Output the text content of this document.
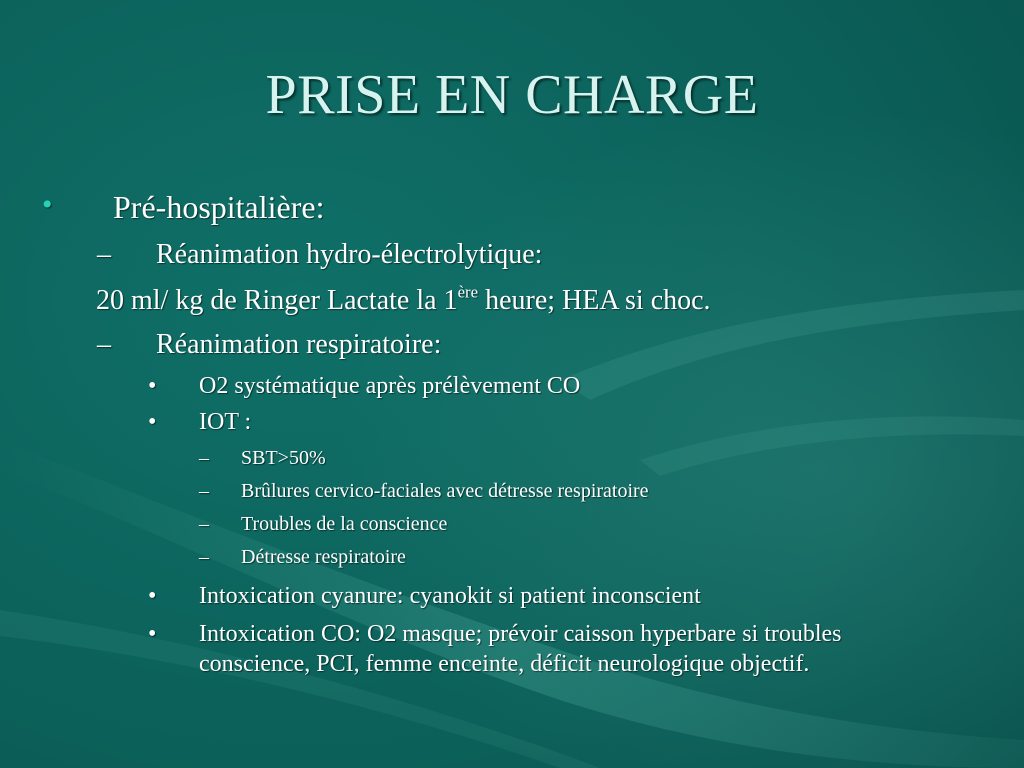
PRISE EN CHARGE
• Pré-hospitalière:
– Réanimation hydro-électrolytique:
20 ml/ kg de Ringer Lactate la 1ère heure; HEA si choc.
– Réanimation respiratoire:
• O2 systématique après prélèvement CO
• IOT :
– SBT>50%
– Brûlures cervico-faciales avec détresse respiratoire
– Troubles de la conscience
– Détresse respiratoire
• Intoxication cyanure: cyanokit si patient inconscient
• Intoxication CO: O2 masque; prévoir caisson hyperbare si troubles
conscience, PCI, femme enceinte, déficit neurologique objectif.
